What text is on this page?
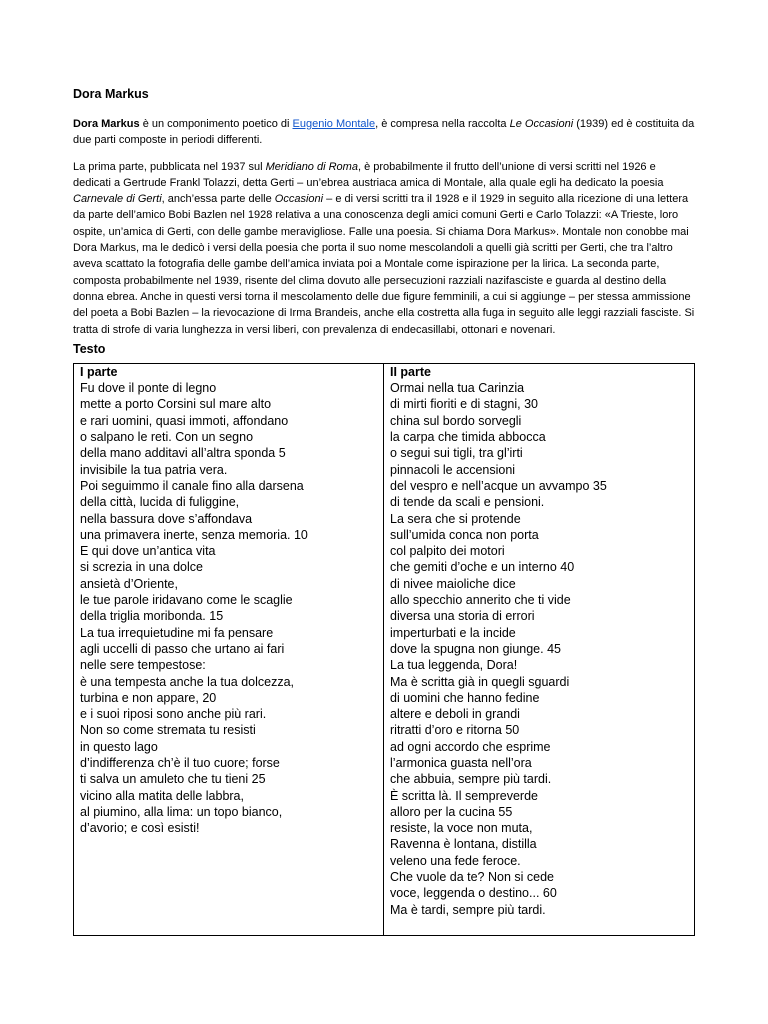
Dora Markus

Dora Markus è un componimento poetico di Eugenio Montale, è compresa nella raccolta Le Occasioni (1939) ed è costituita da due parti composte in periodi differenti.

La prima parte, pubblicata nel 1937 sul Meridiano di Roma, è probabilmente il frutto dell’unione di versi scritti nel 1926 e dedicati a Gertrude Frankl Tolazzi, detta Gerti – un’ebrea austriaca amica di Montale, alla quale egli ha dedicato la poesia Carnevale di Gerti, anch’essa parte delle Occasioni – e di versi scritti tra il 1928 e il 1929 in seguito alla ricezione di una lettera da parte dell’amico Bobi Bazlen nel 1928 relativa a una conoscenza degli amici comuni Gerti e Carlo Tolazzi: «A Trieste, loro ospite, un’amica di Gerti, con delle gambe meravigliose. Falle una poesia. Si chiama Dora Markus». Montale non conobbe mai Dora Markus, ma le dedicò i versi della poesia che porta il suo nome mescolandoli a quelli già scritti per Gerti, che tra l’altro aveva scattato la fotografia delle gambe dell’amica inviata poi a Montale come ispirazione per la lirica. La seconda parte, composta probabilmente nel 1939, risente del clima dovuto alle persecuzioni razziali nazifasciste e guarda al destino della donna ebrea. Anche in questi versi torna il mescolamento delle due figure femminili, a cui si aggiunge – per stessa ammissione del poeta a Bobi Bazlen – la rievocazione di Irma Brandeis, anche ella costretta alla fuga in seguito alle leggi razziali fasciste. Si tratta di strofe di varia lunghezza in versi liberi, con prevalenza di endecasillabi, ottonari e novenari.

Testo
I parte
Fu dove il ponte di legno
mette a porto Corsini sul mare alto
e rari uomini, quasi immoti, affondano
o salpano le reti. Con un segno
della mano additavi all’altra sponda 5
invisibile la tua patria vera.
Poi seguimmo il canale fino alla darsena
della città, lucida di fuliggine,
nella bassura dove s’affondava
una primavera inerte, senza memoria. 10
E qui dove un’antica vita
si screzia in una dolce
ansietà d’Oriente,
le tue parole iridavano come le scaglie
della triglia moribonda. 15
La tua irrequietudine mi fa pensare
agli uccelli di passo che urtano ai fari
nelle sere tempestose:
è una tempesta anche la tua dolcezza,
turbina e non appare, 20
e i suoi riposi sono anche più rari.
Non so come stremata tu resisti
in questo lago
d’indifferenza ch’è il tuo cuore; forse
ti salva un amuleto che tu tieni 25
vicino alla matita delle labbra,
al piumino, alla lima: un topo bianco,
d’avorio; e così esisti!

II parte
Ormai nella tua Carinzia
di mirti fioriti e di stagni, 30
china sul bordo sorvegli
la carpa che timida abbocca
o segui sui tigli, tra gl’irti
pinnacoli le accensioni
del vespro e nell’acque un avvampo 35
di tende da scali e pensioni.
La sera che si protende
sull’umida conca non porta
col palpito dei motori
che gemiti d’oche e un interno 40
di nivee maioliche dice
allo specchio annerito che ti vide
diversa una storia di errori
imperturbati e la incide
dove la spugna non giunge. 45
La tua leggenda, Dora!
Ma è scritta già in quegli sguardi
di uomini che hanno fedine
altere e deboli in grandi
ritratti d’oro e ritorna 50
ad ogni accordo che esprime
l’armonica guasta nell’ora
che abbuia, sempre più tardi.
È scritta là. Il sempreverde
alloro per la cucina 55
resiste, la voce non muta,
Ravenna è lontana, distilla
veleno una fede feroce.
Che vuole da te? Non si cede
voce, leggenda o destino... 60
Ma è tardi, sempre più tardi.
